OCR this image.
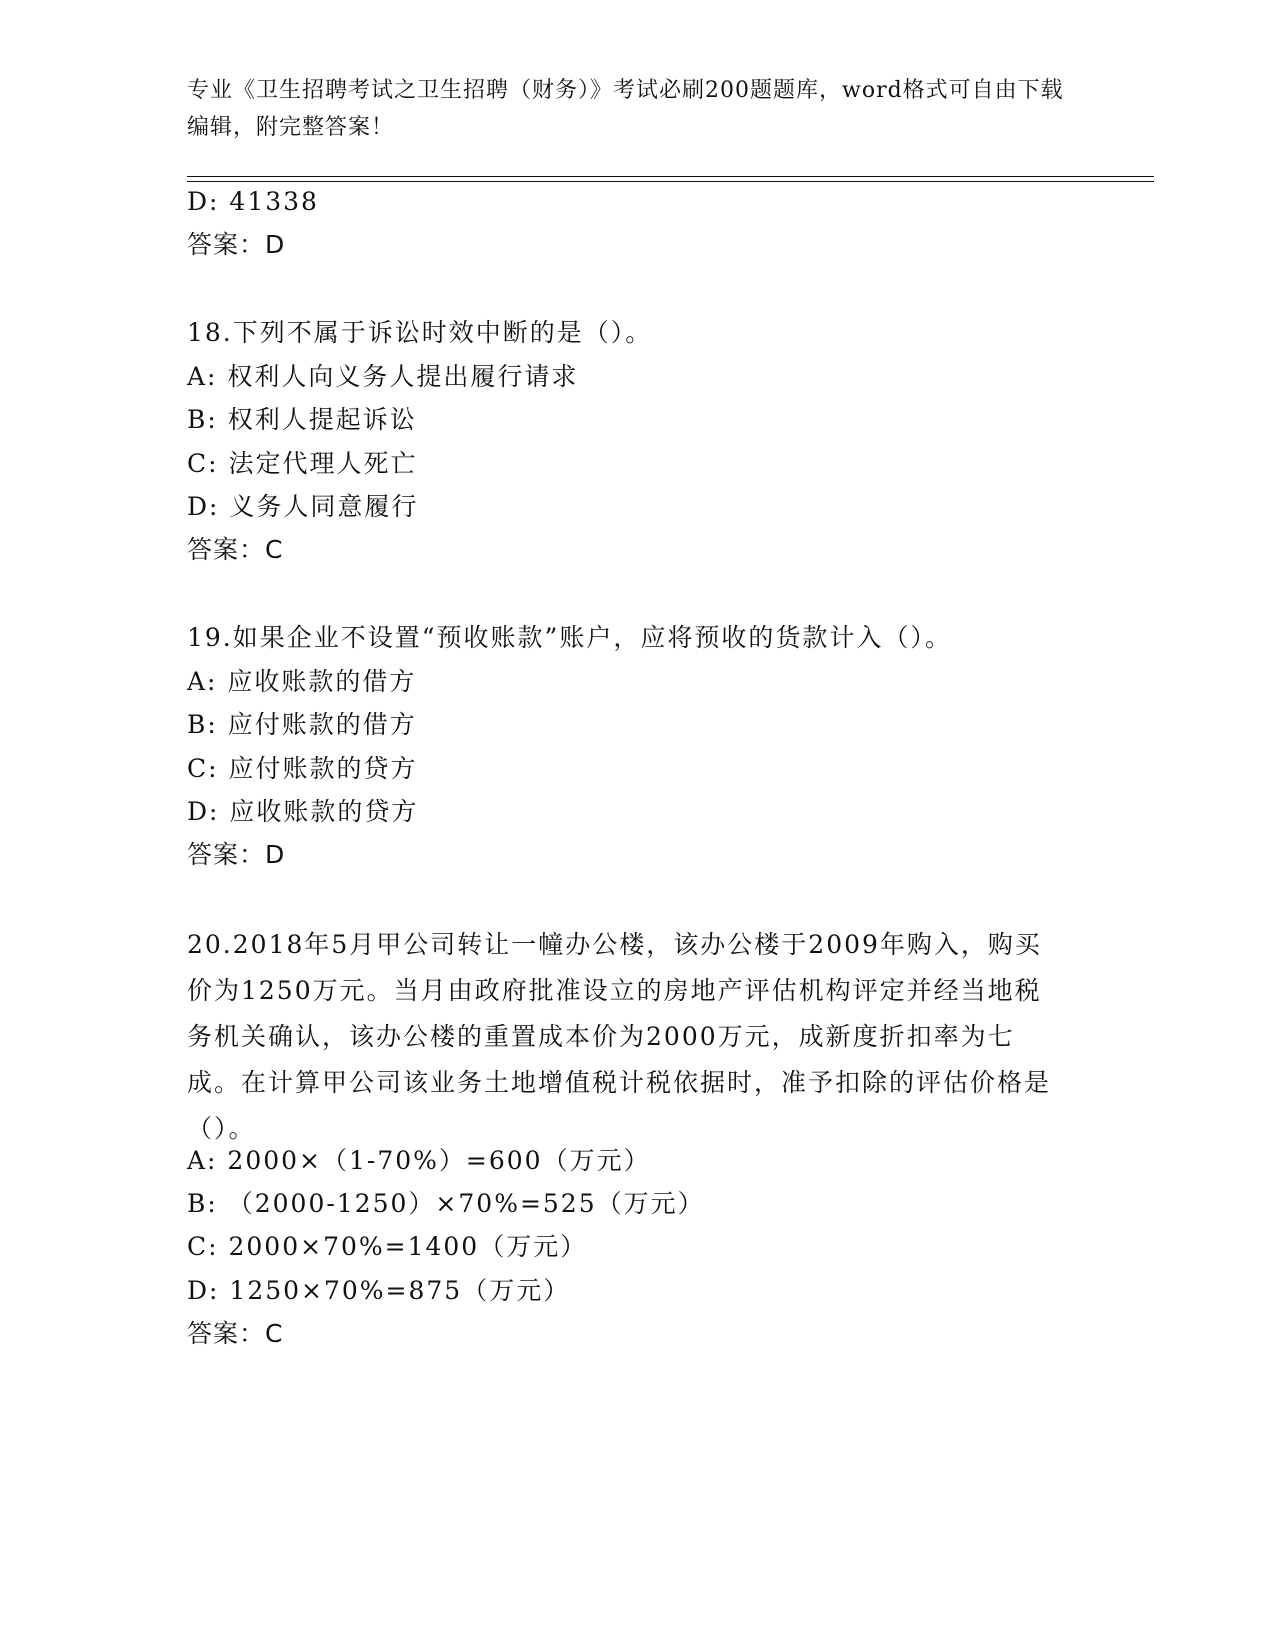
专业《卫生招聘考试之卫生招聘（财务）》考试必刷200题题库，word格式可自由下载编辑，附完整答案！
D: 41338
答案：D
18.下列不属于诉讼时效中断的是（）。
A: 权利人向义务人提出履行请求
B: 权利人提起诉讼
C: 法定代理人死亡
D: 义务人同意履行
答案：C
19.如果企业不设置“预收账款”账户，应将预收的货款计入（）。
A: 应收账款的借方
B: 应付账款的借方
C: 应付账款的贷方
D: 应收账款的贷方
答案：D
20.2018年5月甲公司转让一幢办公楼，该办公楼于2009年购入，购买价为1250万元。当月由政府批准设立的房地产评估机构评定并经当地税务机关确认，该办公楼的重置成本价为2000万元，成新度折扣率为七成。在计算甲公司该业务土地增值税计税依据时，准予扣除的评估价格是（）。
A: 2000×（1-70%）=600（万元）
B: （2000-1250）×70%=525（万元）
C: 2000×70%=1400（万元）
D: 1250×70%=875（万元）
答案：C
